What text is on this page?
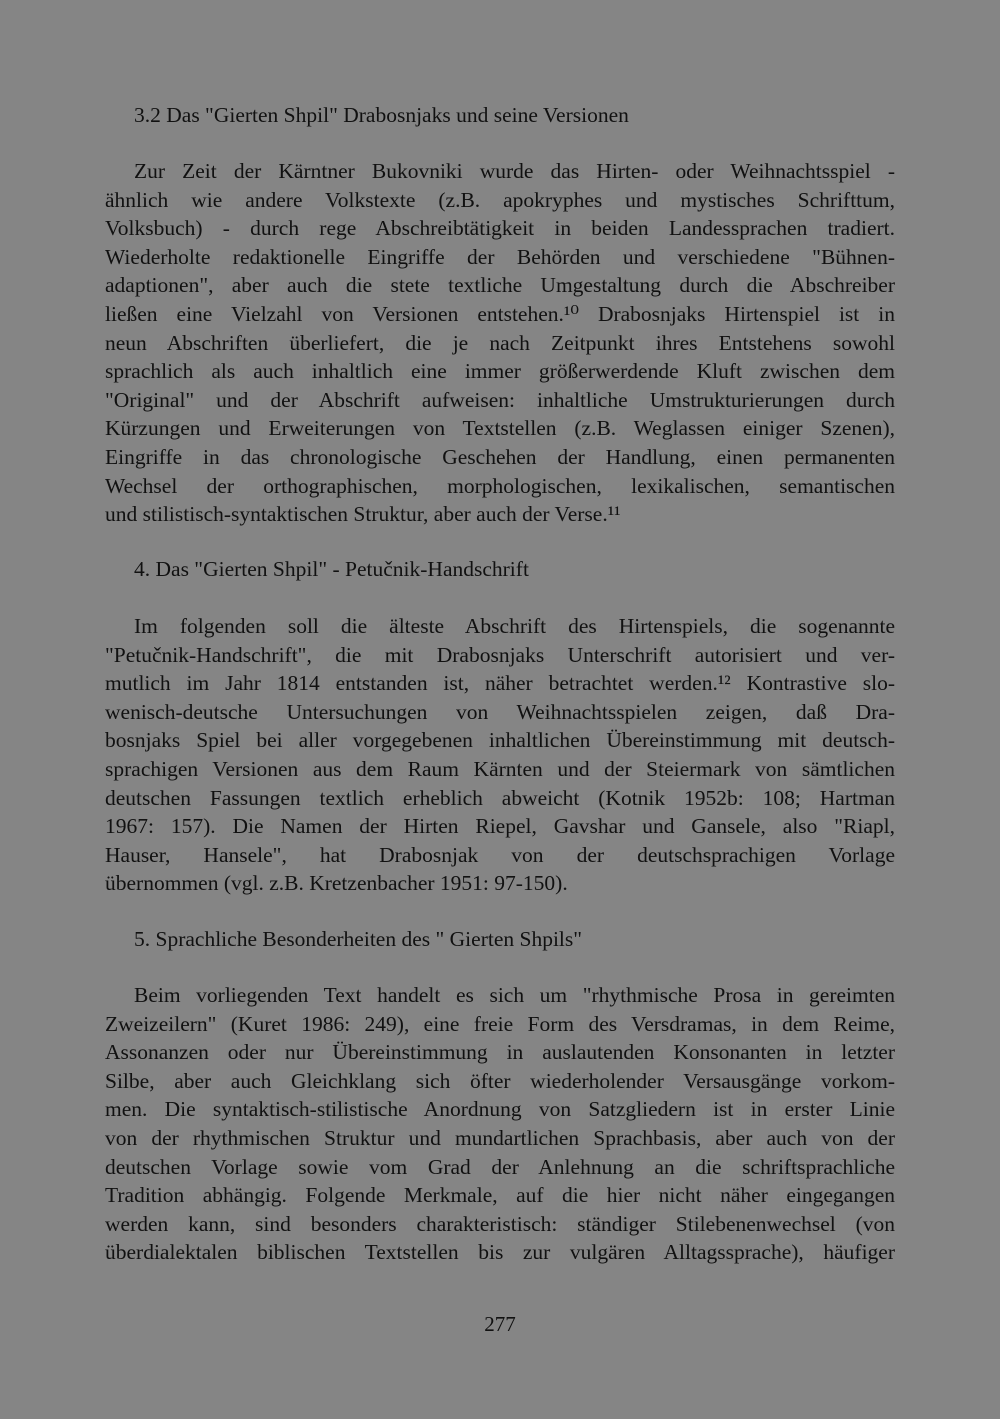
3.2 Das "Gierten Shpil" Drabosnjaks und seine Versionen
Zur Zeit der Kärntner Bukovniki wurde das Hirten- oder Weihnachtsspiel -
ähnlich wie andere Volkstexte (z.B. apokryphes und mystisches Schrifttum,
Volksbuch) - durch rege Abschreibtätigkeit in beiden Landessprachen tradiert.
Wiederholte redaktionelle Eingriffe der Behörden und verschiedene "Bühnen-
adaptionen", aber auch die stete textliche Umgestaltung durch die Abschreiber
ließen eine Vielzahl von Versionen entstehen.¹⁰ Drabosnjaks Hirtenspiel ist in
neun Abschriften überliefert, die je nach Zeitpunkt ihres Entstehens sowohl
sprachlich als auch inhaltlich eine immer größerwerdende Kluft zwischen dem
"Original" und der Abschrift aufweisen: inhaltliche Umstrukturierungen durch
Kürzungen und Erweiterungen von Textstellen (z.B. Weglassen einiger Szenen),
Eingriffe in das chronologische Geschehen der Handlung, einen permanenten
Wechsel der orthographischen, morphologischen, lexikalischen, semantischen
und stilistisch-syntaktischen Struktur, aber auch der Verse.¹¹
4. Das "Gierten Shpil" - Petučnik-Handschrift
Im folgenden soll die älteste Abschrift des Hirtenspiels, die sogenannte
"Petučnik-Handschrift", die mit Drabosnjaks Unterschrift autorisiert und ver-
mutlich im Jahr 1814 entstanden ist, näher betrachtet werden.¹² Kontrastive slo-
wenisch-deutsche Untersuchungen von Weihnachtsspielen zeigen, daß Dra-
bosnjaks Spiel bei aller vorgegebenen inhaltlichen Übereinstimmung mit deutsch-
sprachigen Versionen aus dem Raum Kärnten und der Steiermark von sämtlichen
deutschen Fassungen textlich erheblich abweicht (Kotnik 1952b: 108; Hartman
1967: 157). Die Namen der Hirten Riepel, Gavshar und Gansele, also "Riapl,
Hauser, Hansele", hat Drabosnjak von der deutschsprachigen Vorlage
übernommen (vgl. z.B. Kretzenbacher 1951: 97-150).
5. Sprachliche Besonderheiten des " Gierten Shpils"
Beim vorliegenden Text handelt es sich um "rhythmische Prosa in gereimten
Zweizeilern" (Kuret 1986: 249), eine freie Form des Versdramas, in dem Reime,
Assonanzen oder nur Übereinstimmung in auslautenden Konsonanten in letzter
Silbe, aber auch Gleichklang sich öfter wiederholender Versausgänge vorkom-
men. Die syntaktisch-stilistische Anordnung von Satzgliedern ist in erster Linie
von der rhythmischen Struktur und mundartlichen Sprachbasis, aber auch von der
deutschen Vorlage sowie vom Grad der Anlehnung an die schriftsprachliche
Tradition abhängig. Folgende Merkmale, auf die hier nicht näher eingegangen
werden kann, sind besonders charakteristisch: ständiger Stilebenenwechsel (von
überdialektalen biblischen Textstellen bis zur vulgären Alltagssprache), häufiger
277
